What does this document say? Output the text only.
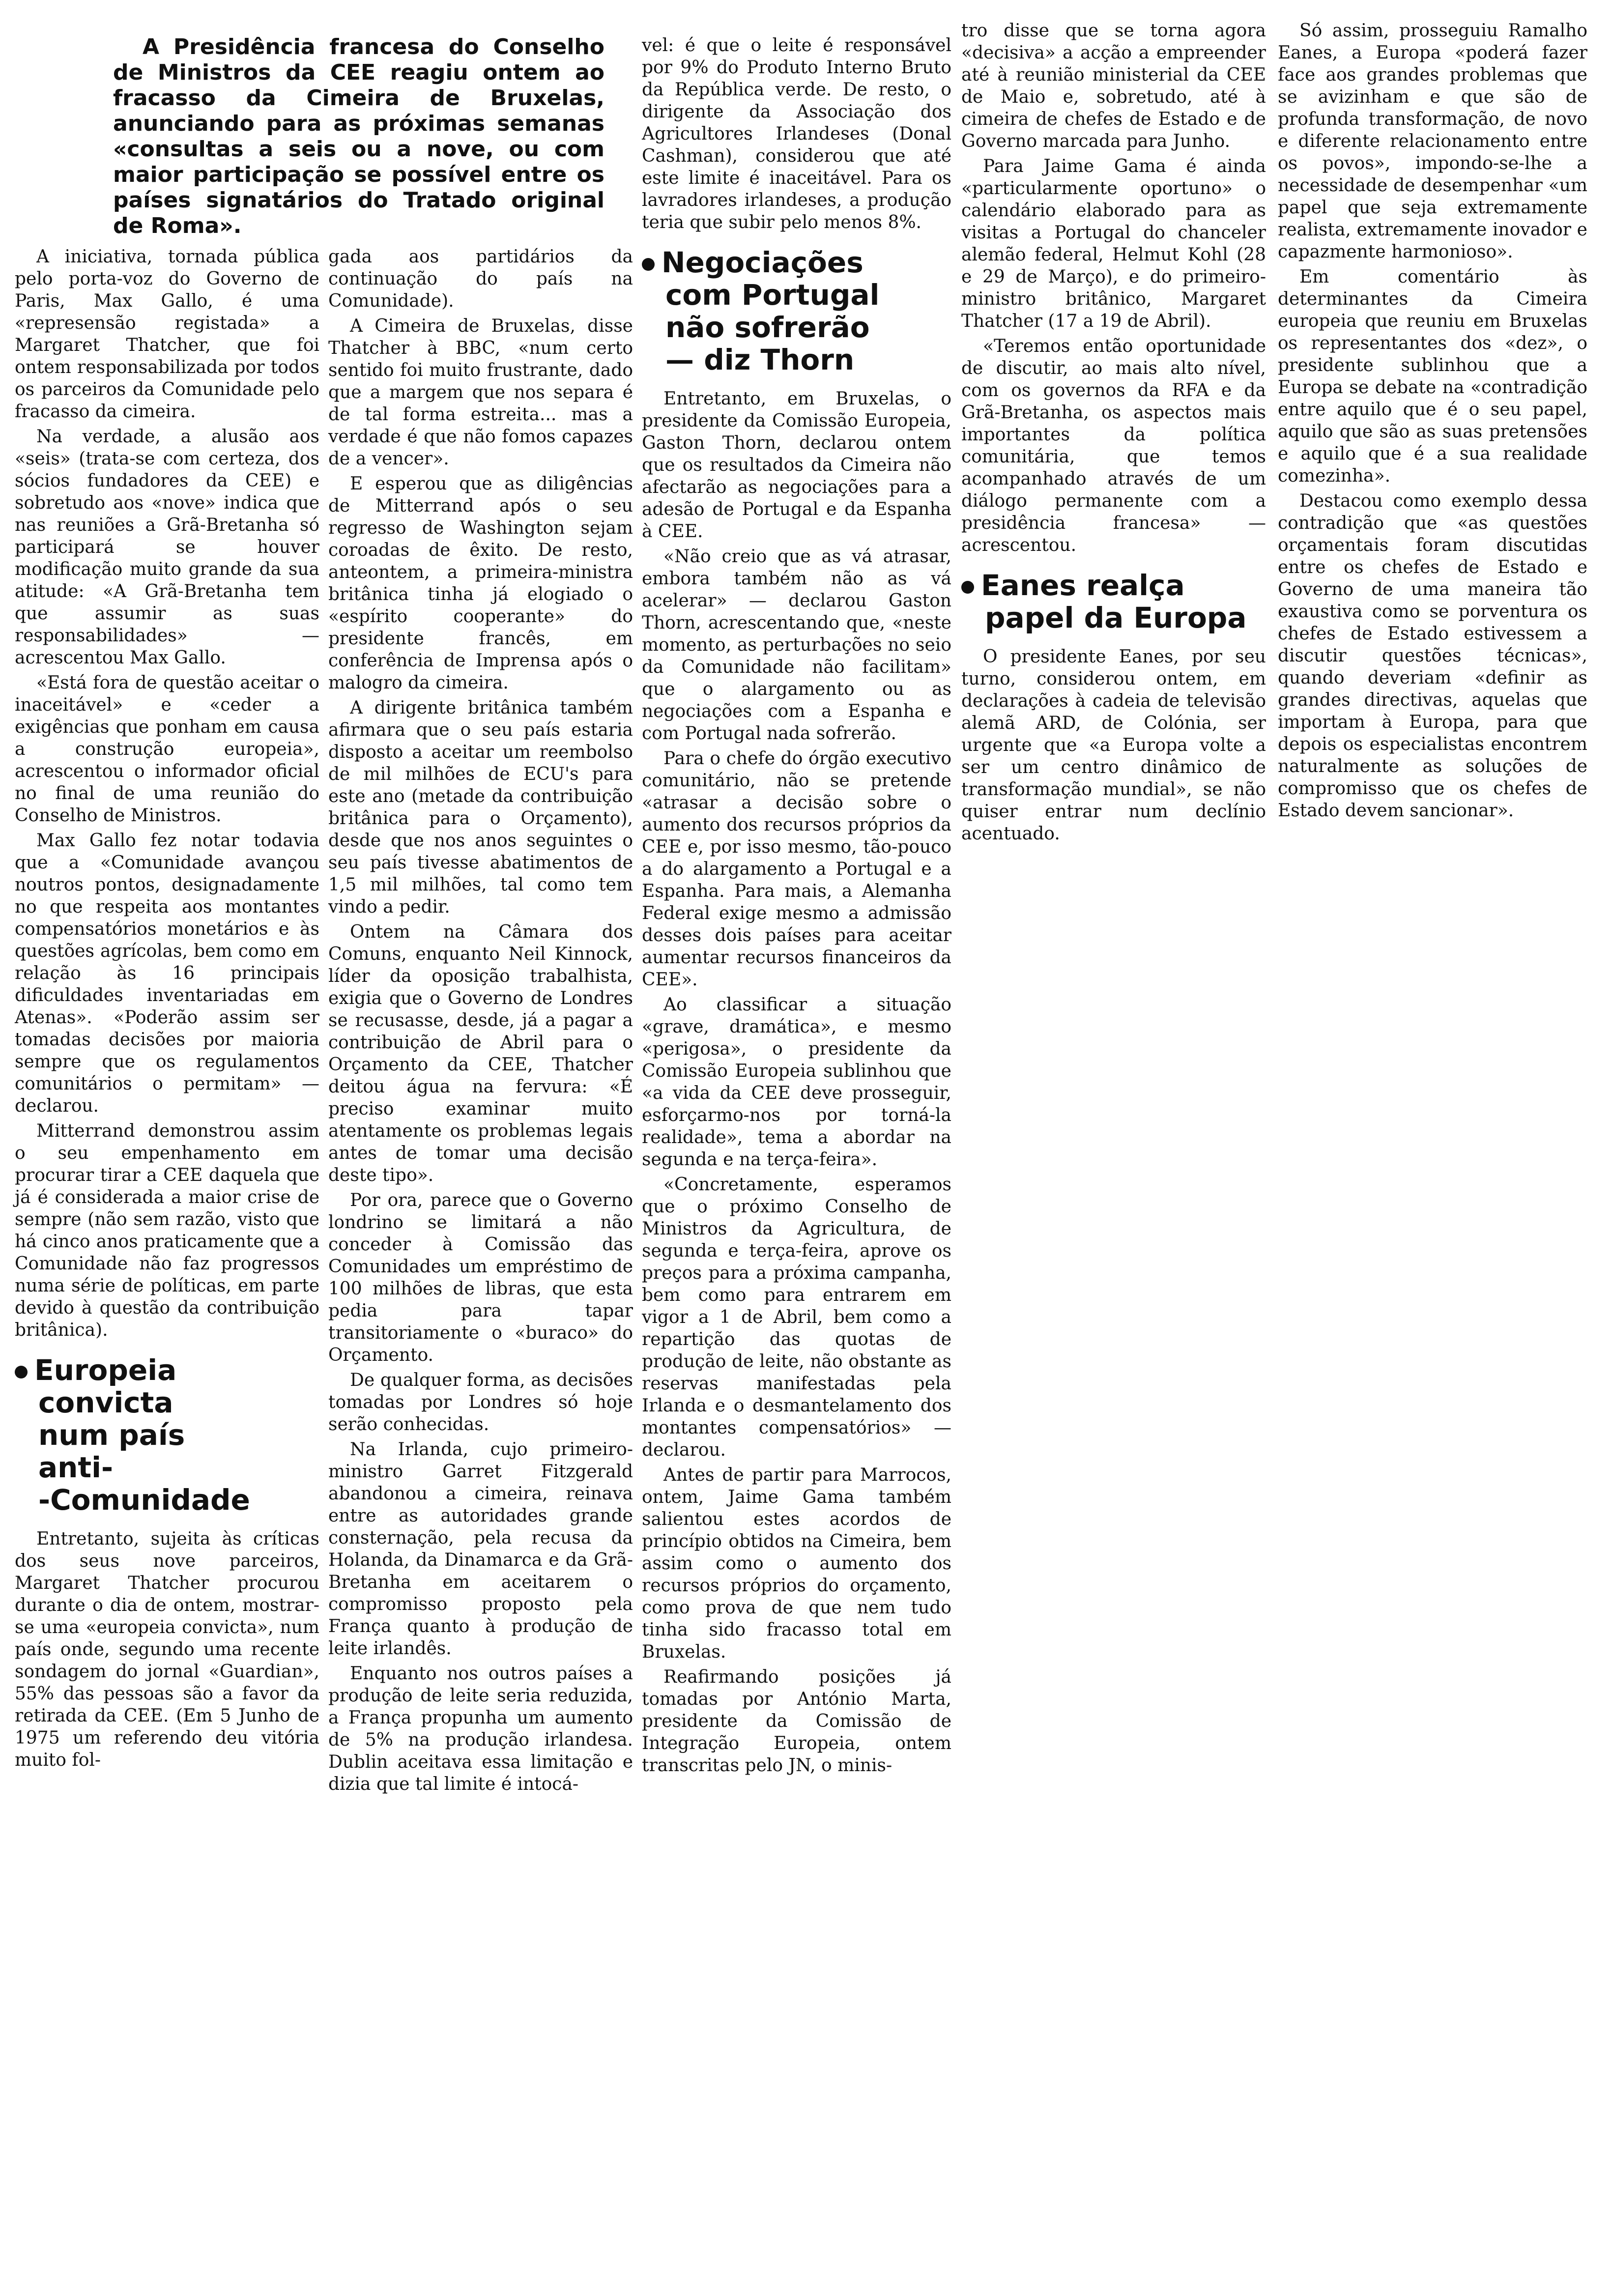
A Presidência francesa do Conselho de Ministros da CEE reagiu ontem ao fracasso da Cimeira de Bruxelas, anunciando para as próximas semanas «consultas a seis ou a nove, ou com maior participação se possível entre os países signatários do Tratado original de Roma».

A iniciativa, tornada pública pelo porta-voz do Governo de Paris, Max Gallo, é uma «represensão registada» a Margaret Thatcher, que foi ontem responsabilizada por todos os parceiros da Comunidade pelo fracasso da cimeira.

Na verdade, a alusão aos «seis» (trata-se com certeza, dos sócios fundadores da CEE) e sobretudo aos «nove» indica que nas reuniões a Grã-Bretanha só participará se houver modificação muito grande da sua atitude: «A Grã-Bretanha tem que assumir as suas responsabilidades» — acrescentou Max Gallo.

«Está fora de questão aceitar o inaceitável» e «ceder a exigências que ponham em causa a construção europeia», acrescentou o informador oficial no final de uma reunião do Conselho de Ministros.

Max Gallo fez notar todavia que a «Comunidade avançou noutros pontos, designadamente no que respeita aos montantes compensatórios monetários e às questões agrícolas, bem como em relação às 16 principais dificuldades inventariadas em Atenas». «Poderão assim ser tomadas decisões por maioria sempre que os regulamentos comunitários o permitam» — declarou.

Mitterrand demonstrou assim o seu empenhamento em procurar tirar a CEE daquela que já é considerada a maior crise de sempre (não sem razão, visto que há cinco anos praticamente que a Comunidade não faz progressos numa série de políticas, em parte devido à questão da contribuição britânica).

Europeia
convicta
num país
anti-
-Comunidade

Entretanto, sujeita às críticas dos seus nove parceiros, Margaret Thatcher procurou durante o dia de ontem, mostrar-se uma «europeia convicta», num país onde, segundo uma recente sondagem do jornal «Guardian», 55% das pessoas são a favor da retirada da CEE. (Em 5 Junho de 1975 um referendo deu vitória muito fol-

gada aos partidários da continuação do país na Comunidade).

A Cimeira de Bruxelas, disse Thatcher à BBC, «num certo sentido foi muito frustrante, dado que a margem que nos separa é de tal forma estreita... mas a verdade é que não fomos capazes de a vencer».

E esperou que as diligências de Mitterrand após o seu regresso de Washington sejam coroadas de êxito. De resto, anteontem, a primeira-ministra britânica tinha já elogiado o «espírito cooperante» do presidente francês, em conferência de Imprensa após o malogro da cimeira.

A dirigente britânica também afirmara que o seu país estaria disposto a aceitar um reembolso de mil milhões de ECU's para este ano (metade da contribuição britânica para o Orçamento), desde que nos anos seguintes o seu país tivesse abatimentos de 1,5 mil milhões, tal como tem vindo a pedir.

Ontem na Câmara dos Comuns, enquanto Neil Kinnock, líder da oposição trabalhista, exigia que o Governo de Londres se recusasse, desde, já a pagar a contribuição de Abril para o Orçamento da CEE, Thatcher deitou água na fervura: «É preciso examinar muito atentamente os problemas legais antes de tomar uma decisão deste tipo».

Por ora, parece que o Governo londrino se limitará a não conceder à Comissão das Comunidades um empréstimo de 100 milhões de libras, que esta pedia para tapar transitoriamente o «buraco» do Orçamento.

De qualquer forma, as decisões tomadas por Londres só hoje serão conhecidas.

Na Irlanda, cujo primeiro-ministro Garret Fitzgerald abandonou a cimeira, reinava entre as autoridades grande consternação, pela recusa da Holanda, da Dinamarca e da Grã-Bretanha em aceitarem o compromisso proposto pela França quanto à produção de leite irlandês.

Enquanto nos outros países a produção de leite seria reduzida, a França propunha um aumento de 5% na produção irlandesa. Dublin aceitava essa limitação e dizia que tal limite é intocá-

vel: é que o leite é responsável por 9% do Produto Interno Bruto da República verde. De resto, o dirigente da Associação dos Agricultores Irlandeses (Donal Cashman), considerou que até este limite é inaceitável. Para os lavradores irlandeses, a produção teria que subir pelo menos 8%.

Negociações
com Portugal
não sofrerão
— diz Thorn

Entretanto, em Bruxelas, o presidente da Comissão Europeia, Gaston Thorn, declarou ontem que os resultados da Cimeira não afectarão as negociações para a adesão de Portugal e da Espanha à CEE.

«Não creio que as vá atrasar, embora também não as vá acelerar» — declarou Gaston Thorn, acrescentando que, «neste momento, as perturbações no seio da Comunidade não facilitam» que o alargamento ou as negociações com a Espanha e com Portugal nada sofrerão.

Para o chefe do órgão executivo comunitário, não se pretende «atrasar a decisão sobre o aumento dos recursos próprios da CEE e, por isso mesmo, tão-pouco a do alargamento a Portugal e a Espanha. Para mais, a Alemanha Federal exige mesmo a admissão desses dois países para aceitar aumentar recursos financeiros da CEE».

Ao classificar a situação «grave, dramática», e mesmo «perigosa», o presidente da Comissão Europeia sublinhou que «a vida da CEE deve prosseguir, esforçarmo-nos por torná-la realidade», tema a abordar na segunda e na terça-feira».

«Concretamente, esperamos que o próximo Conselho de Ministros da Agricultura, de segunda e terça-feira, aprove os preços para a próxima campanha, bem como para entrarem em vigor a 1 de Abril, bem como a repartição das quotas de produção de leite, não obstante as reservas manifestadas pela Irlanda e o desmantelamento dos montantes compensatórios» — declarou.

Antes de partir para Marrocos, ontem, Jaime Gama também salientou estes acordos de princípio obtidos na Cimeira, bem assim como o aumento dos recursos próprios do orçamento, como prova de que nem tudo tinha sido fracasso total em Bruxelas.

Reafirmando posições já tomadas por António Marta, presidente da Comissão de Integração Europeia, ontem transcritas pelo JN, o minis-

tro disse que se torna agora «decisiva» a acção a empreender até à reunião ministerial da CEE de Maio e, sobretudo, até à cimeira de chefes de Estado e de Governo marcada para Junho.

Para Jaime Gama é ainda «particularmente oportuno» o calendário elaborado para as visitas a Portugal do chanceler alemão federal, Helmut Kohl (28 e 29 de Março), e do primeiro-ministro britânico, Margaret Thatcher (17 a 19 de Abril).

«Teremos então oportunidade de discutir, ao mais alto nível, com os governos da RFA e da Grã-Bretanha, os aspectos mais importantes da política comunitária, que temos acompanhado através de um diálogo permanente com a presidência francesa» — acrescentou.

Eanes realça
papel da Europa

O presidente Eanes, por seu turno, considerou ontem, em declarações à cadeia de televisão alemã ARD, de Colónia, ser urgente que «a Europa volte a ser um centro dinâmico de transformação mundial», se não quiser entrar num declínio acentuado.

Só assim, prosseguiu Ramalho Eanes, a Europa «poderá fazer face aos grandes problemas que se avizinham e que são de profunda transformação, de novo e diferente relacionamento entre os povos», impondo-se-lhe a necessidade de desempenhar «um papel que seja extremamente realista, extremamente inovador e capazmente harmonioso».

Em comentário às determinantes da Cimeira europeia que reuniu em Bruxelas os representantes dos «dez», o presidente sublinhou que a Europa se debate na «contradição entre aquilo que é o seu papel, aquilo que são as suas pretensões e aquilo que é a sua realidade comezinha».

Destacou como exemplo dessa contradição que «as questões orçamentais foram discutidas entre os chefes de Estado e Governo de uma maneira tão exaustiva como se porventura os chefes de Estado estivessem a discutir questões técnicas», quando deveriam «definir as grandes directivas, aquelas que importam à Europa, para que depois os especialistas encontrem naturalmente as soluções de compromisso que os chefes de Estado devem sancionar».
